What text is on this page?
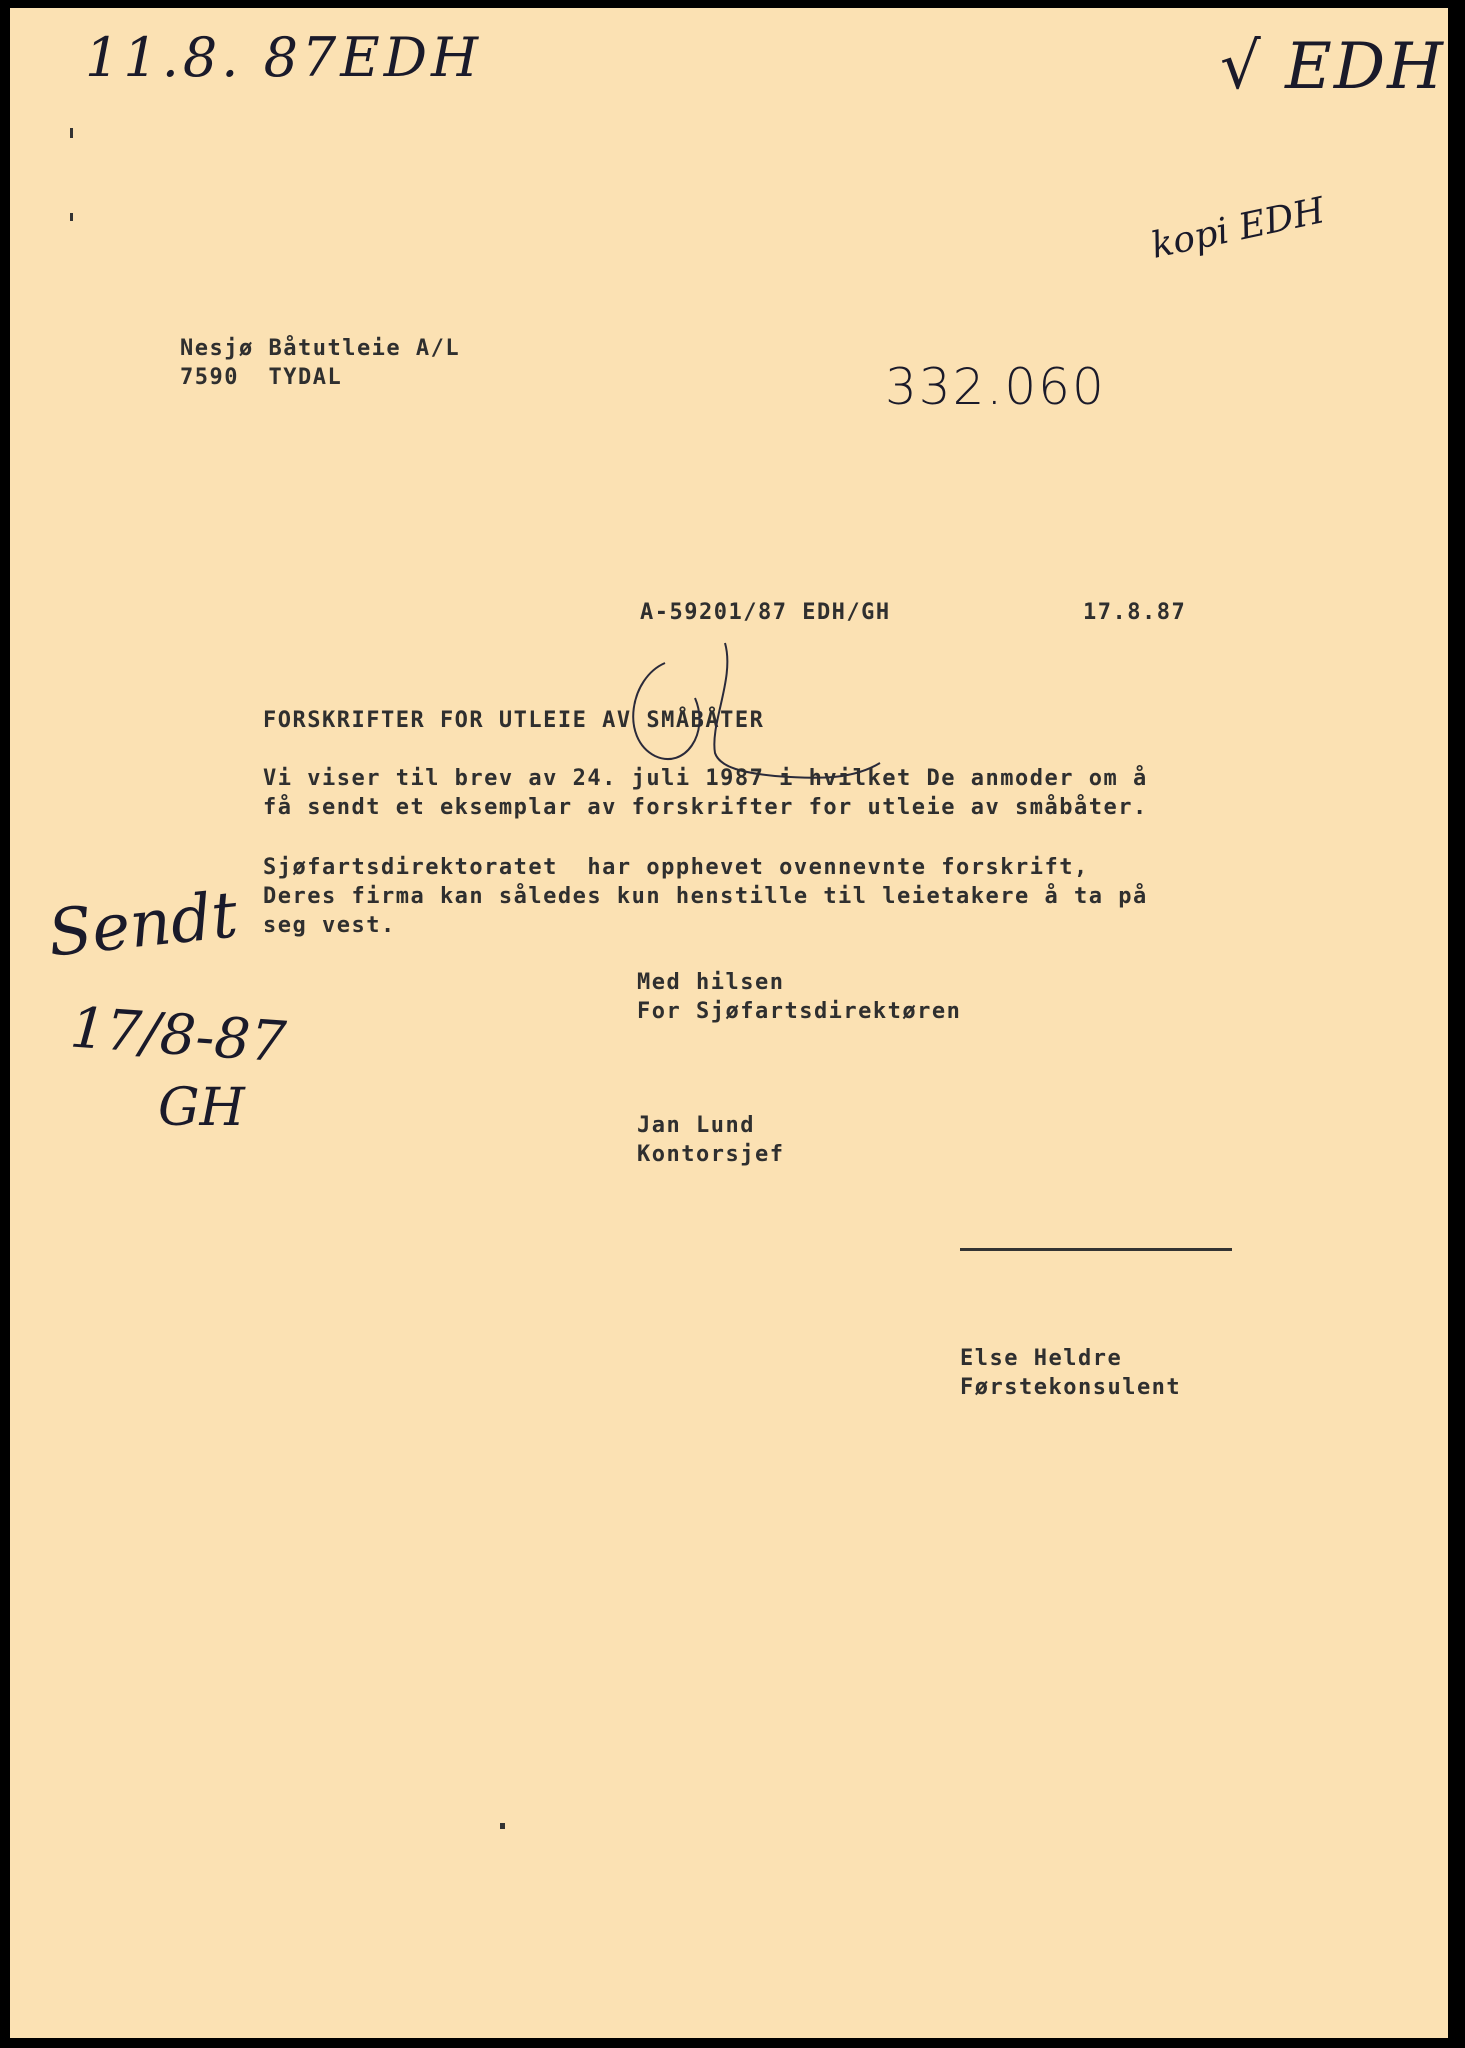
11.8. 87EDH	√ EDH
kopi EDH
332.060
Nesjø Båtutleie A/L
7590  TYDAL
A-59201/87 EDH/GH	17.8.87
FORSKRIFTER FOR UTLEIE AV SMÅBÅTER
Vi viser til brev av 24. juli 1987 i hvilket De anmoder om å
få sendt et eksemplar av forskrifter for utleie av småbåter.
Sjøfartsdirektoratet  har opphevet ovennevnte forskrift,
Deres firma kan således kun henstille til leietakere å ta på
seg vest.
Sendt
17/8-87
GH
Med hilsen
For Sjøfartsdirektøren
Jan Lund
Kontorsjef
Else Heldre
Førstekonsulent
